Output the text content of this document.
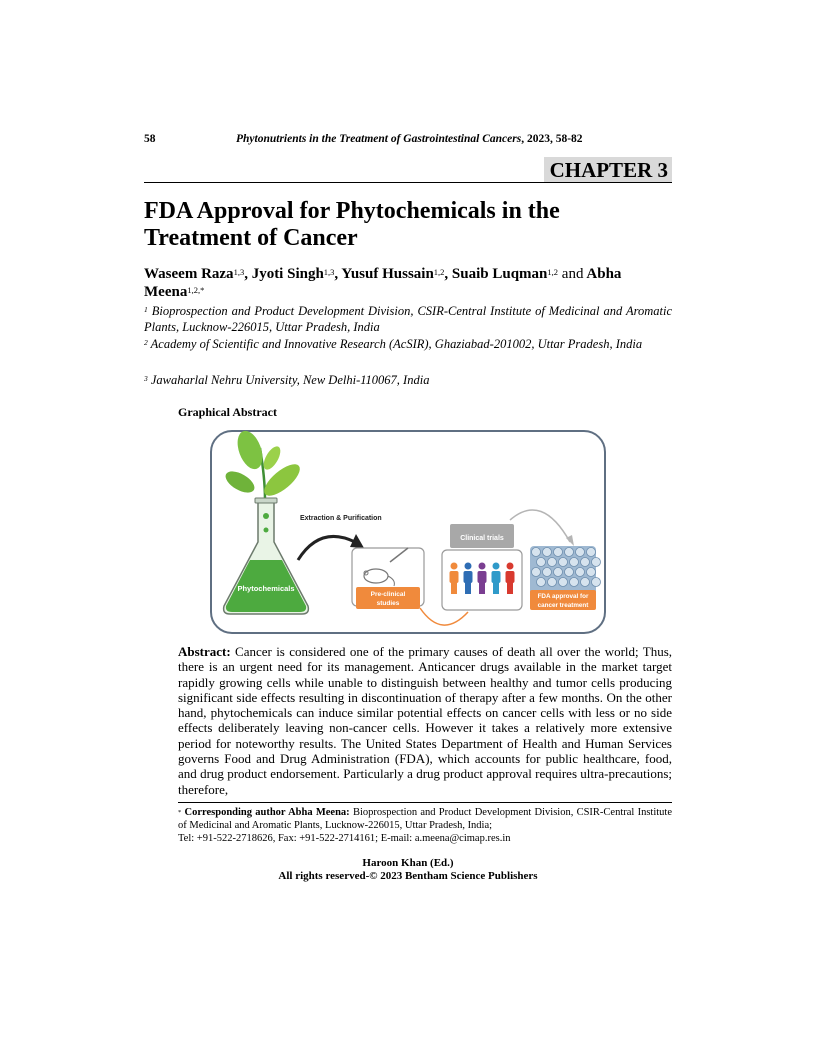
58	Phytonutrients in the Treatment of Gastrointestinal Cancers, 2023, 58-82
CHAPTER 3
FDA Approval for Phytochemicals in the Treatment of Cancer
Waseem Raza$^{1,3}$, Jyoti Singh$^{1,3}$, Yusuf Hussain$^{1,2}$, Suaib Luqman$^{1,2}$ and Abha Meena$^{1,2,*}$
$^1$ Bioprospection and Product Development Division, CSIR-Central Institute of Medicinal and Aromatic Plants, Lucknow-226015, Uttar Pradesh, India
$^2$ Academy of Scientific and Innovative Research (AcSIR), Ghaziabad-201002, Uttar Pradesh, India
$^3$ Jawaharlal Nehru University, New Delhi-110067, India
Graphical Abstract
Phytochemicals
Extraction & Purification
Pre-clinical
studies
Clinical trials
FDA approval for
cancer treatment
Abstract: Cancer is considered one of the primary causes of death all over the world; Thus, there is an urgent need for its management. Anticancer drugs available in the market target rapidly growing cells while unable to distinguish between healthy and tumor cells producing significant side effects resulting in discontinuation of therapy after a few months. On the other hand, phytochemicals can induce similar potential effects on cancer cells with less or no side effects deliberately leaving non-cancer cells. However it takes a relatively more extensive period for noteworthy results. The United States Department of Health and Human Services governs Food and Drug Administration (FDA), which accounts for public healthcare, food, and drug product endorsement. Particularly a drug product approval requires ultra-precautions; therefore,
* Corresponding author Abha Meena: Bioprospection and Product Development Division, CSIR-Central Institute of Medicinal and Aromatic Plants, Lucknow-226015, Uttar Pradesh, India;
Tel: +91-522-2718626, Fax: +91-522-2714161; E-mail: a.meena@cimap.res.in
Haroon Khan (Ed.)
All rights reserved-© 2023 Bentham Science Publishers
